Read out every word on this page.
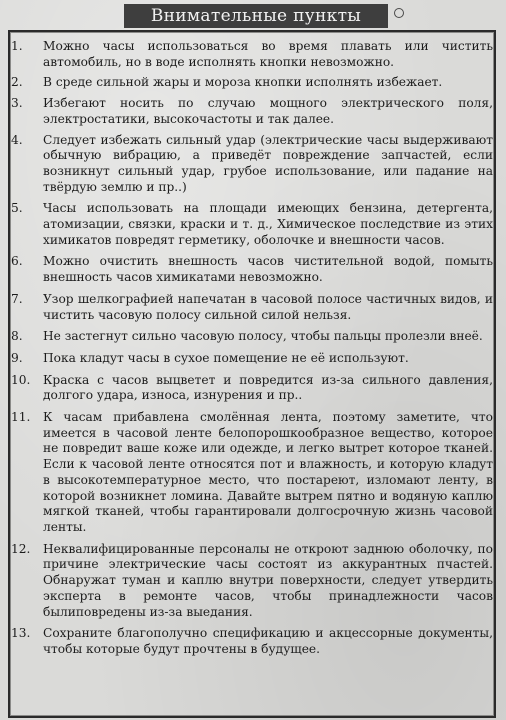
Внимательные пункты
1.	Можно часы использоваться во время плавать или чистить автомобиль, но в воде исполнять кнопки невозможно.
2.	В среде сильной жары и мороза кнопки исполнять избежает.
3.	Избегают носить по случаю мощного электрического поля, электростатики, высокочастоты и так далее.
4.	Следует избежать сильный удар (электрические часы выдерживают обычную вибрацию, а приведёт повреждение запчастей, если возникнут сильный удар, грубое использование, или падание на твёрдую землю и пр..)
5.	Часы использовать на площади имеющих бензина, детергента, атомизации, связки, краски и т. д., Химическое последствие из этих химикатов повредят герметику, оболочке и внешности часов.
6.	Можно очистить внешность часов чистительной водой, помыть внешность часов химикатами невозможно.
7.	Узор шелкографией напечатан в часовой полосе частичных видов, и чистить часовую полосу сильной силой нельзя.
8.	Не застегнут сильно часовую полосу, чтобы пальцы пролезли внеё.
9.	Пока кладут часы в сухое помещение не её используют.
10.	Краска с часов выцветет и повредится из-за сильного давления, долгого удара, износа, изнурения и пр..
11.	К часам прибавлена смолённая лента, поэтому заметите, что имеется в часовой ленте белопорошкообразное вещество, которое не повредит ваше коже или одежде, и легко вытрет которое тканей. Если к часовой ленте относятся пот и влажность, и которую кладут в высокотемпературное место, что постареют, изломают ленту, в которой возникнет ломина. Давайте вытрем пятно и водяную каплю мягкой тканей, чтобы гарантировали долгосрочную жизнь часовой ленты.
12.	Неквалифицированные персоналы не откроют заднюю оболочку, по причине электрические часы состоят из аккурантных пчастей. Обнаружат туман и каплю внутри поверхности, следует утвердить эксперта в ремонте часов, чтобы принадлежности часов былиповредены из-за выедания.
13.	Сохраните благополучно спецификацию и акцессорные документы, чтобы которые будут прочтены в будущее.
